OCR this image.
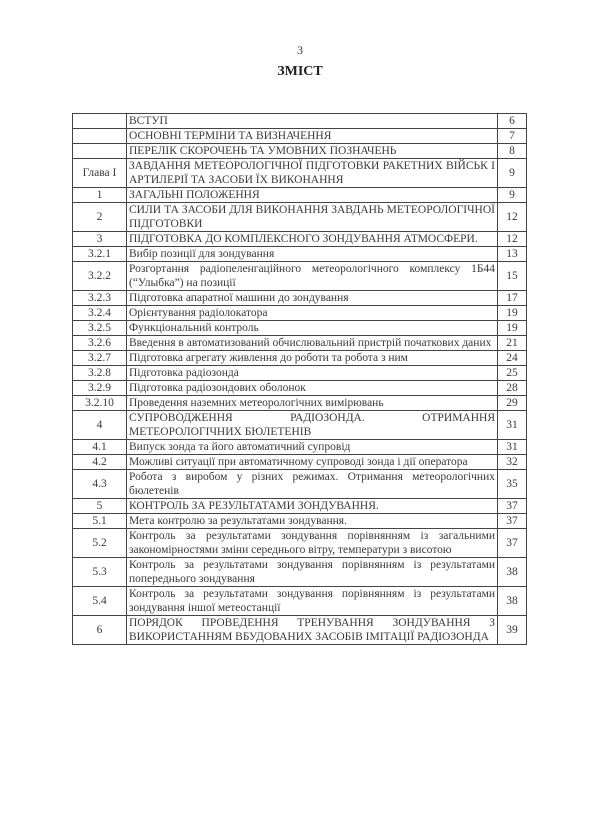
3
ЗМІСТ
	ВСТУП	6
	ОСНОВНІ ТЕРМІНИ ТА ВИЗНАЧЕННЯ	7
	ПЕРЕЛІК СКОРОЧЕНЬ ТА УМОВНИХ ПОЗНАЧЕНЬ	8
Глава I	ЗАВДАННЯ МЕТЕОРОЛОГІЧНОЇ ПІДГОТОВКИ РАКЕТНИХ ВІЙСЬК І АРТИЛЕРІЇ ТА ЗАСОБИ ЇХ ВИКОНАННЯ	9
1	ЗАГАЛЬНІ ПОЛОЖЕННЯ	9
2	СИЛИ ТА ЗАСОБИ ДЛЯ ВИКОНАННЯ ЗАВДАНЬ МЕТЕОРОЛОГІЧНОЇ ПІДГОТОВКИ	12
3	ПІДГОТОВКА ДО КОМПЛЕКСНОГО ЗОНДУВАННЯ АТМОСФЕРИ.	12
3.2.1	Вибір позиції для зондування	13
3.2.2	Розгортання радіопеленгаційного метеорологічного комплексу 1Б44 (“Улыбка”) на позиції	15
3.2.3	Підготовка апаратної машини до зондування	17
3.2.4	Орієнтування радіолокатора	19
3.2.5	Функціональний контроль	19
3.2.6	Введення в автоматизований обчислювальний пристрій початкових даних	21
3.2.7	Підготовка агрегату живлення до роботи та робота з ним	24
3.2.8	Підготовка радіозонда	25
3.2.9	Підготовка радіозондових оболонок	28
3.2.10	Проведення наземних метеорологічних вимірювань	29
4	СУПРОВОДЖЕННЯ РАДІОЗОНДА. ОТРИМАННЯ МЕТЕОРОЛОГІЧНИХ БЮЛЕТЕНІВ	31
4.1	Випуск зонда та його автоматичний супровід	31
4.2	Можливі ситуації при автоматичному супроводі зонда і дії оператора	32
4.3	Робота з виробом у різних режимах. Отримання метеорологічних бюлетенів	35
5	КОНТРОЛЬ ЗА РЕЗУЛЬТАТАМИ ЗОНДУВАННЯ.	37
5.1	Мета контролю за результатами зондування.	37
5.2	Контроль за результатами зондування порівнянням із загальними закономірностями зміни середнього вітру, температури з висотою	37
5.3	Контроль за результатами зондування порівнянням із результатами попереднього зондування	38
5.4	Контроль за результатами зондування порівнянням із результатами зондування іншої метеостанції	38
6	ПОРЯДОК ПРОВЕДЕННЯ ТРЕНУВАННЯ ЗОНДУВАННЯ З ВИКОРИСТАННЯМ ВБУДОВАНИХ ЗАСОБІВ ІМІТАЦІЇ РАДІОЗОНДА	39
